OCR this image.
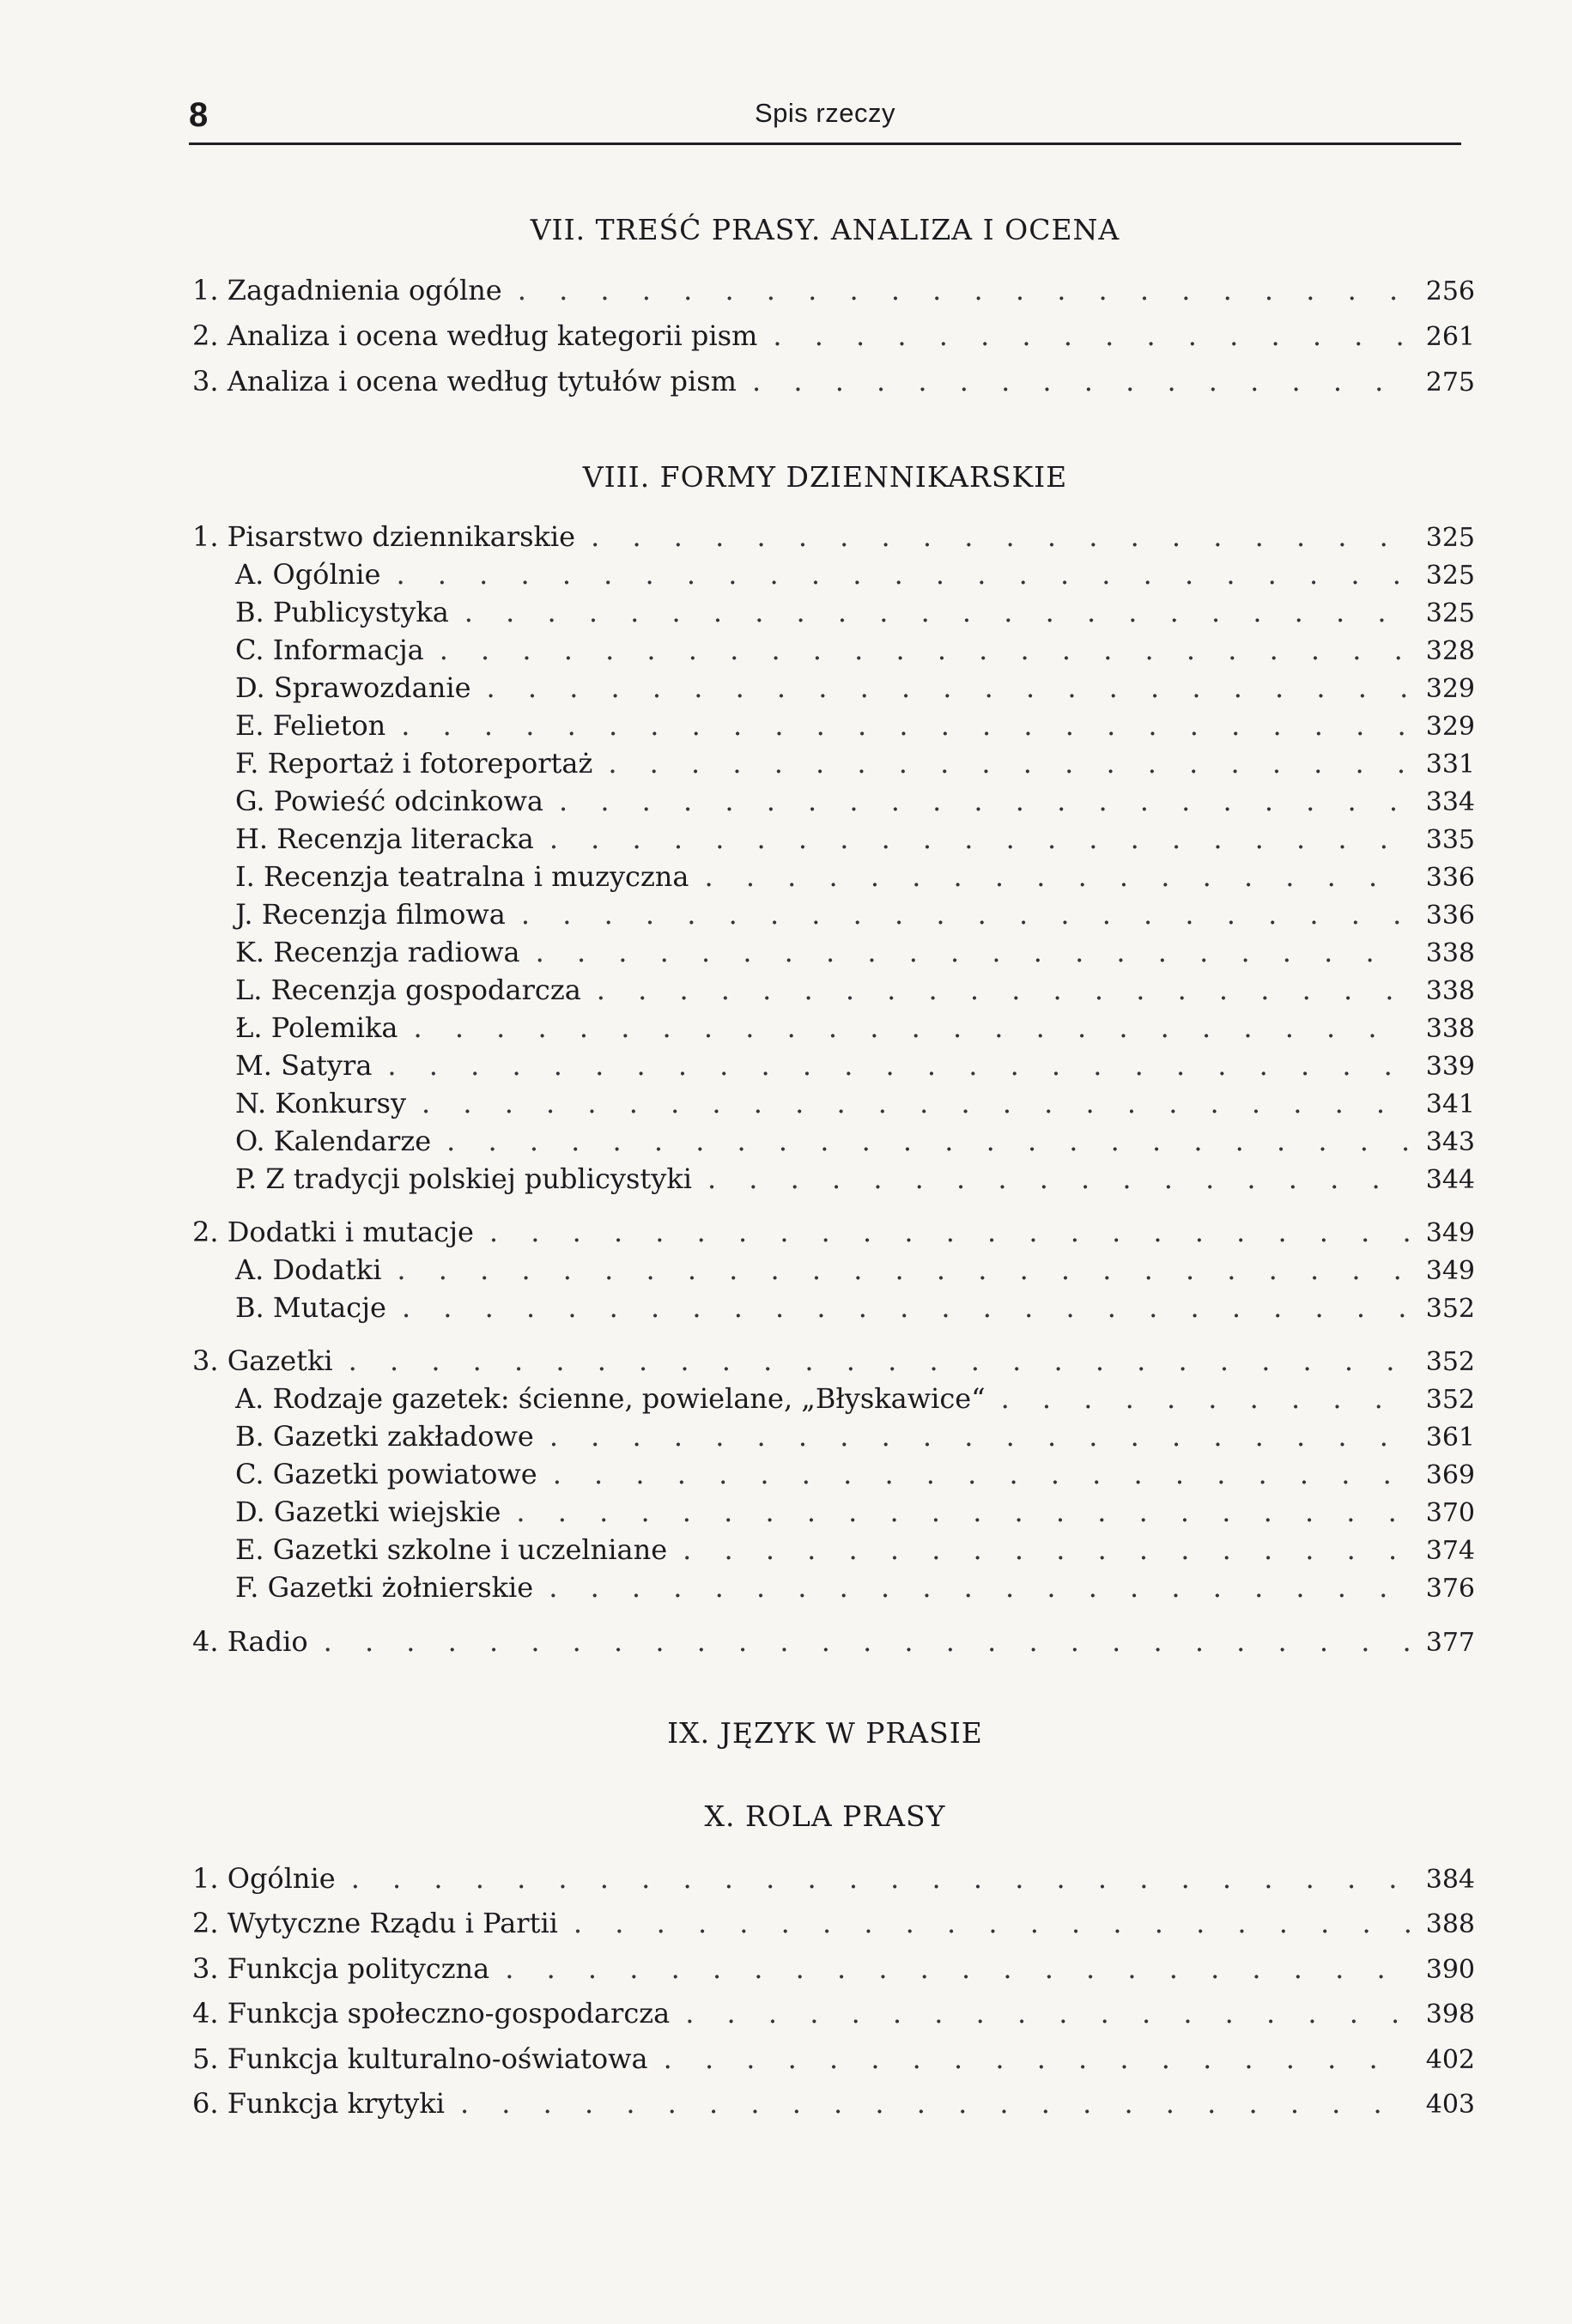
8	Spis rzeczy
VII. TREŚĆ PRASY. ANALIZA I OCENA
1. Zagadnienia ogólne . . .	256
2. Analiza i ocena według kategorii pism . . .	261
3. Analiza i ocena według tytułów pism . . .	275
VIII. FORMY DZIENNIKARSKIE
1. Pisarstwo dziennikarskie . . .	325
A. Ogólnie . . .	325
B. Publicystyka . . .	325
C. Informacja . . .	328
D. Sprawozdanie . . .	329
E. Felieton . . .	329
F. Reportaż i fotoreportaż . . .	331
G. Powieść odcinkowa . . .	334
H. Recenzja literacka . . .	335
I. Recenzja teatralna i muzyczna . . .	336
J. Recenzja filmowa . . .	336
K. Recenzja radiowa . . .	338
L. Recenzja gospodarcza . . .	338
Ł. Polemika . . .	338
M. Satyra . . .	339
N. Konkursy . . .	341
O. Kalendarze . . .	343
P. Z tradycji polskiej publicystyki . . .	344
2. Dodatki i mutacje . . .	349
A. Dodatki . . .	349
B. Mutacje . . .	352
3. Gazetki . . .	352
A. Rodzaje gazetek: ścienne, powielane, „Błyskawice“ . . .	352
B. Gazetki zakładowe . . .	361
C. Gazetki powiatowe . . .	369
D. Gazetki wiejskie . . .	370
E. Gazetki szkolne i uczelniane . . .	374
F. Gazetki żołnierskie . . .	376
4. Radio . . .	377
IX. JĘZYK W PRASIE
X. ROLA PRASY
1. Ogólnie . . .	384
2. Wytyczne Rządu i Partii . . .	388
3. Funkcja polityczna . . .	390
4. Funkcja społeczno-gospodarcza . . .	398
5. Funkcja kulturalno-oświatowa . . .	402
6. Funkcja krytyki . . .	403
